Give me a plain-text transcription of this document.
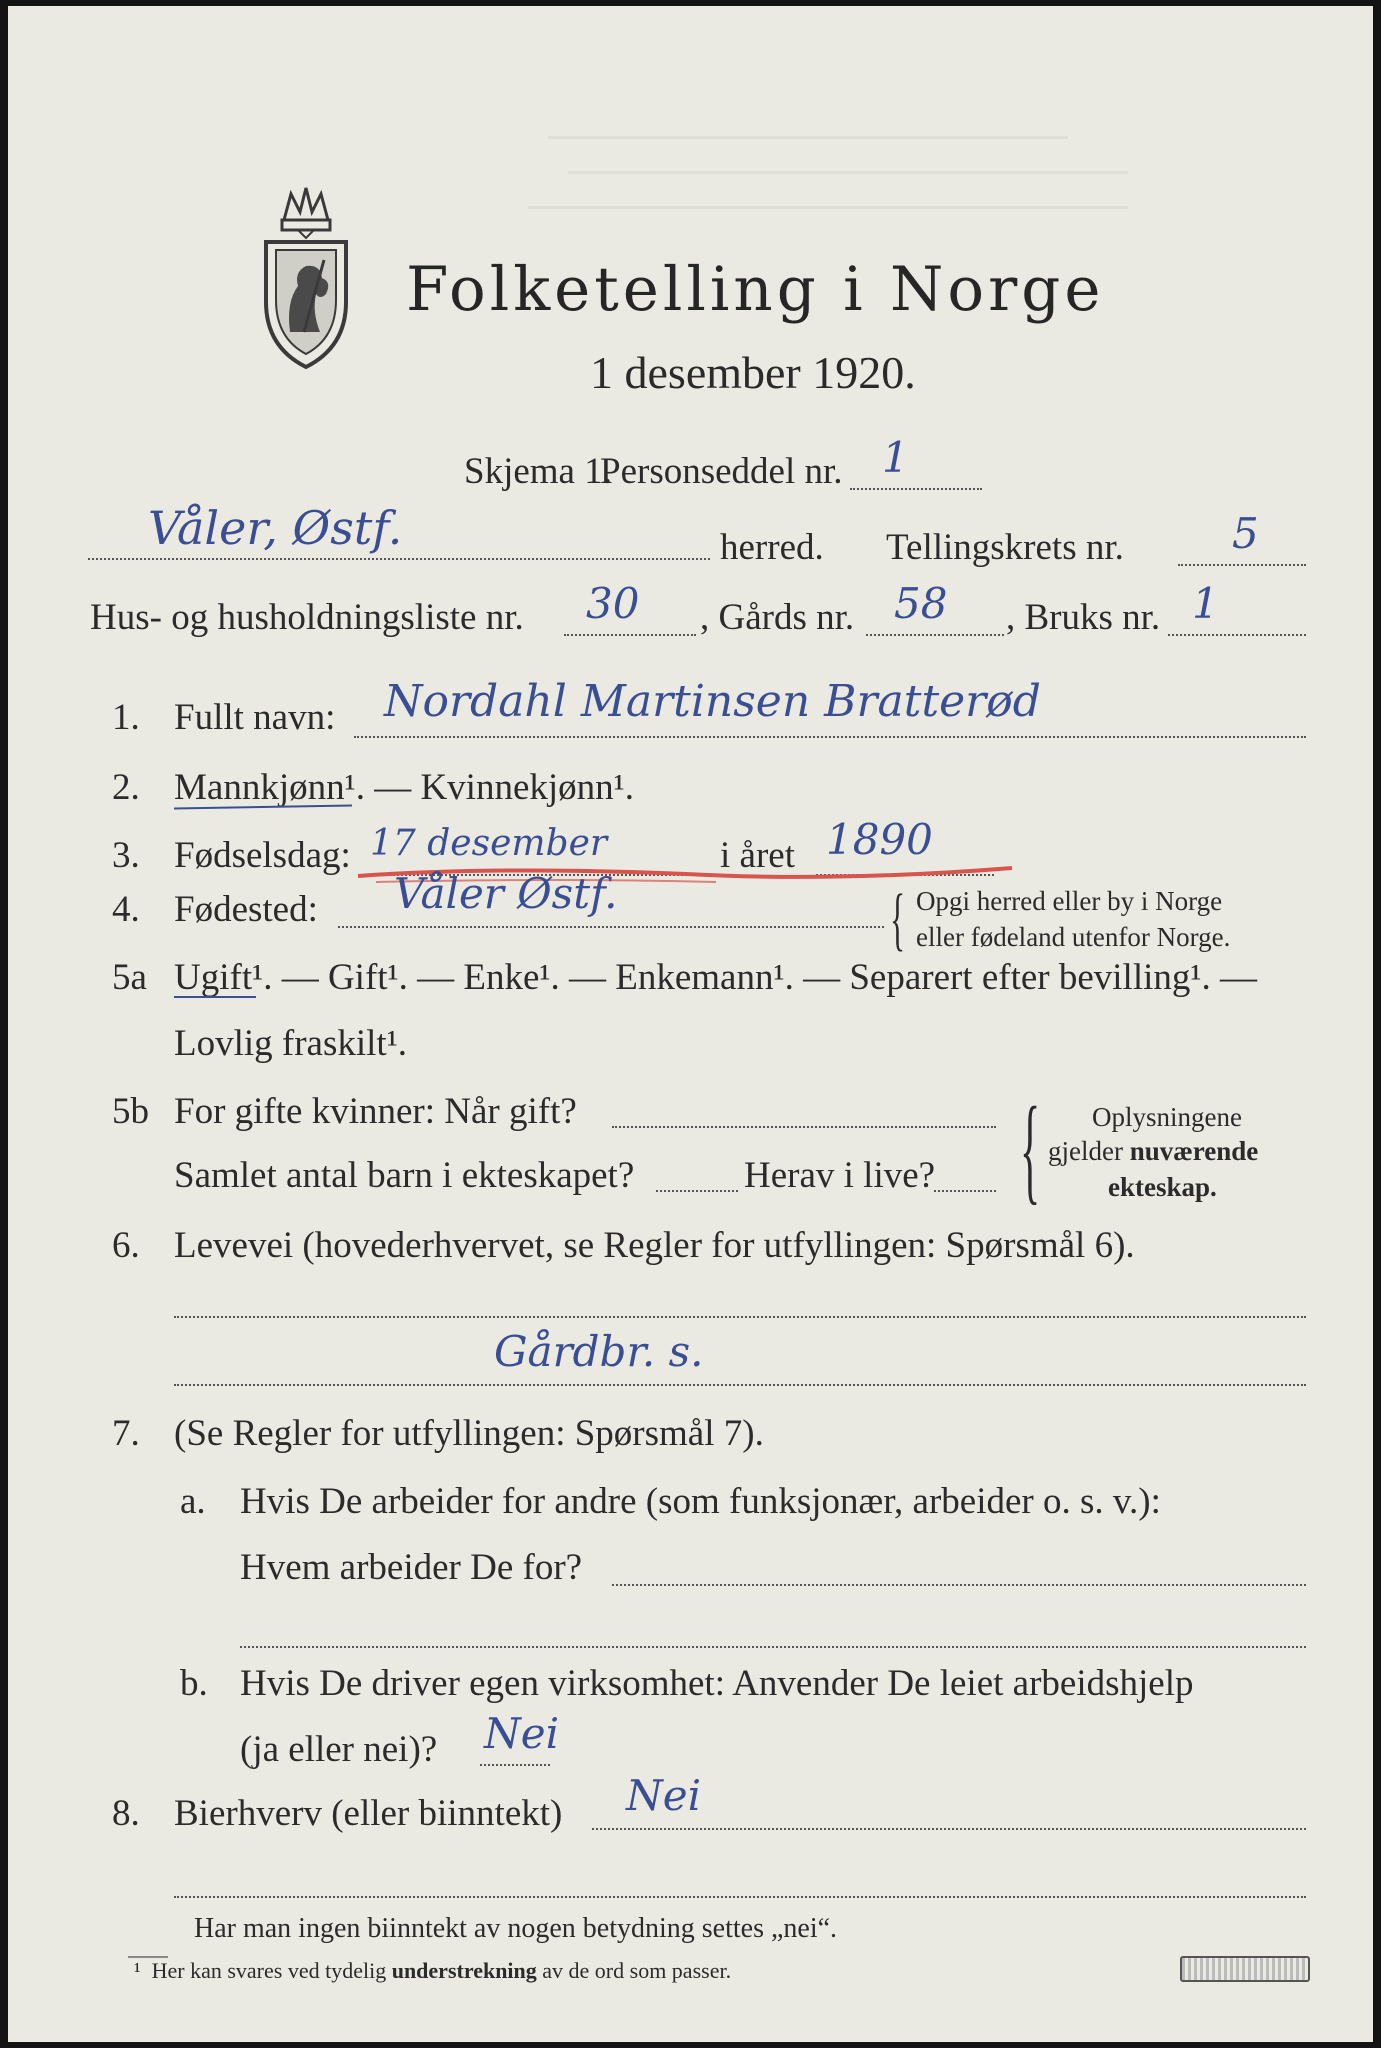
Folketelling i Norge
1 desember 1920.
Skjema 1.
Personseddel nr. 1
Våler, Østf.	herred. Tellingskrets nr.	5
Hus- og husholdningsliste nr. 30 , Gårds nr. 58 , Bruks nr. 1
1. Fullt navn: Nordahl Martinsen Bratterød
2. Mannkjønn¹. — Kvinnekjønn¹.
3. Fødselsdag: 17 desember	i året 1890
4. Fødested: Våler Østf.	{ Opgi herred eller by i Norge
eller fødeland utenfor Norge.
5a Ugift¹. — Gift¹. — Enke¹. — Enkemann¹. — Separert efter bevilling¹. —
Lovlig fraskilt¹.
5b For gifte kvinner: Når gift?
Samlet antal barn i ekteskapet?	Herav i live? { Oplysningene
gjelder nuværende
ekteskap.
6. Levevei (hovederhvervet, se Regler for utfyllingen: Spørsmål 6).
Gårdbr. s.
7. (Se Regler for utfyllingen: Spørsmål 7).
a. Hvis De arbeider for andre (som funksjonær, arbeider o. s. v.):
Hvem arbeider De for?
b. Hvis De driver egen virksomhet: Anvender De leiet arbeidshjelp
(ja eller nei)? Nei
8. Bierhverv (eller biinntekt) Nei
Har man ingen biinntekt av nogen betydning settes „nei“.
¹ Her kan svares ved tydelig understrekning av de ord som passer.
